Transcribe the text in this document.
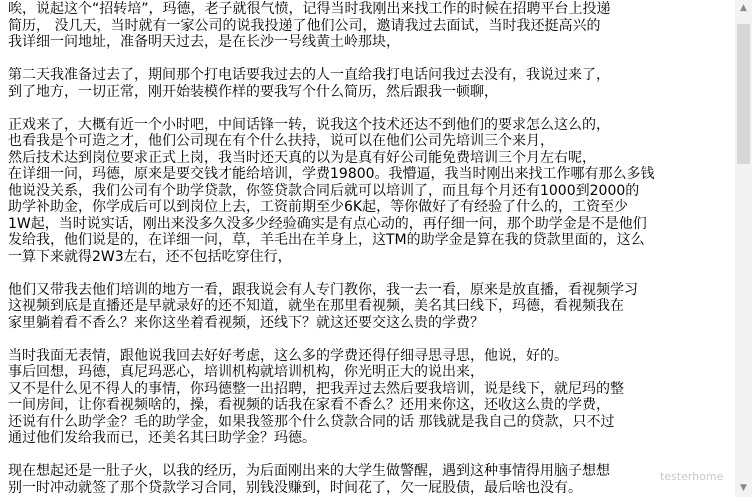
唉，说起这个“招转培”，玛德，老子就很气愤，记得当时我刚出来找工作的时候在招聘平台上投递
简历， 没几天，当时就有一家公司的说我投递了他们公司，邀请我过去面试，当时我还挺高兴的
我详细一问地址，准备明天过去，是在长沙一号线黄土岭那块，
第二天我准备过去了，期间那个打电话要我过去的人一直给我打电话问我过去没有，我说过来了，
到了地方，一切正常，刚开始装模作样的要我写个什么简历，然后跟我一顿聊，
正戏来了，大概有近一个小时吧，中间话锋一转，说我这个技术还达不到他们的要求怎么这么的，
也看我是个可造之才，他们公司现在有个什么扶持，说可以在他们公司先培训三个来月，
然后技术达到岗位要求正式上岗，我当时还天真的以为是真有好公司能免费培训三个月左右呢，
在详细一问，玛德，原来是要交钱才能给培训，学费19800。我懵逼，我当时刚出来找工作哪有那么多钱
他说没关系，我们公司有个助学贷款，你签贷款合同后就可以培训了，而且每个月还有1000到2000的
助学补助金，你学成后可以到岗位上去，工资前期至少6K起，等你做好了有经验了什么的，工资至少
1W起，当时说实话，刚出来没多久没多少经验确实是有点心动的，再仔细一问，那个助学金是不是他们
发给我，他们说是的，在详细一问，草，羊毛出在羊身上，这TM的助学金是算在我的贷款里面的，这么
一算下来就得2W3左右，还不包括吃穿住行，
他们又带我去他们培训的地方一看，跟我说会有人专门教你，我一去一看，原来是放直播，看视频学习
这视频到底是直播还是早就录好的还不知道，就坐在那里看视频，美名其曰线下，玛德，看视频我在
家里躺着看不香么？来你这坐着看视频，还线下？就这还要交这么贵的学费？
当时我面无表情，跟他说我回去好好考虑，这么多的学费还得仔细寻思寻思，他说，好的。
事后回想，玛德，真尼玛恶心，培训机构就培训机构，你光明正大的说出来，
又不是什么见不得人的事情，你玛德整一出招聘，把我弄过去然后要我培训，说是线下，就尼玛的整
一间房间，让你看视频啥的，操，看视频的话我在家看不香么？还用来你这，还收这么贵的学费，
还说有什么助学金？毛的助学金，如果我签那个什么贷款合同的话 那钱就是我自己的贷款，只不过
通过他们发给我而已，还美名其曰助学金？玛德。
现在想起还是一肚子火，以我的经历，为后面刚出来的大学生做警醒，遇到这种事情得用脑子想想
别一时冲动就签了那个贷款学习合同，别钱没赚到，时间花了，欠一屁股债，最后啥也没有。
▲
▼
testerhome
